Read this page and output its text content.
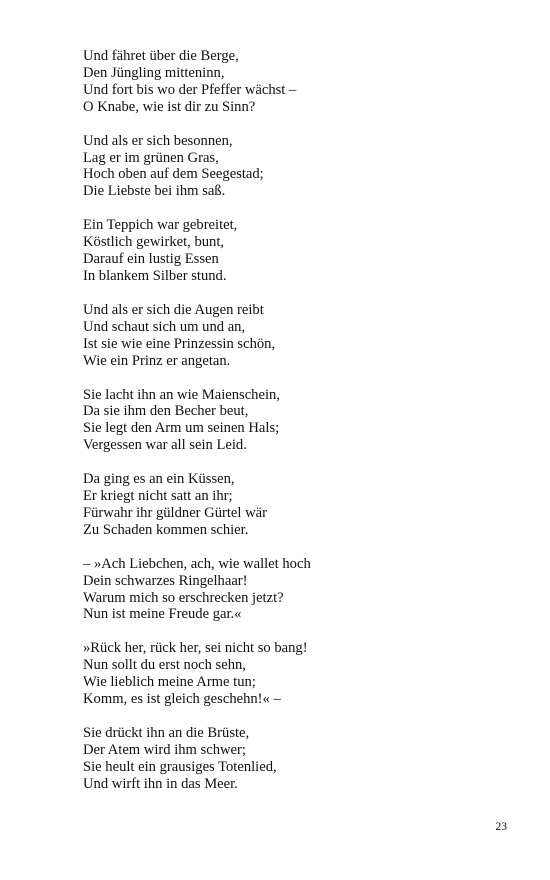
Und fähret über die Berge,
Den Jüngling mitteninn,
Und fort bis wo der Pfeffer wächst –
O Knabe, wie ist dir zu Sinn?
Und als er sich besonnen,
Lag er im grünen Gras,
Hoch oben auf dem Seegestad;
Die Liebste bei ihm saß.
Ein Teppich war gebreitet,
Köstlich gewirket, bunt,
Darauf ein lustig Essen
In blankem Silber stund.
Und als er sich die Augen reibt
Und schaut sich um und an,
Ist sie wie eine Prinzessin schön,
Wie ein Prinz er angetan.
Sie lacht ihn an wie Maienschein,
Da sie ihm den Becher beut,
Sie legt den Arm um seinen Hals;
Vergessen war all sein Leid.
Da ging es an ein Küssen,
Er kriegt nicht satt an ihr;
Fürwahr ihr güldner Gürtel wär
Zu Schaden kommen schier.
– »Ach Liebchen, ach, wie wallet hoch
Dein schwarzes Ringelhaar!
Warum mich so erschrecken jetzt?
Nun ist meine Freude gar.«
»Rück her, rück her, sei nicht so bang!
Nun sollt du erst noch sehn,
Wie lieblich meine Arme tun;
Komm, es ist gleich geschehn!« –
Sie drückt ihn an die Brüste,
Der Atem wird ihm schwer;
Sie heult ein grausiges Totenlied,
Und wirft ihn in das Meer.
23
